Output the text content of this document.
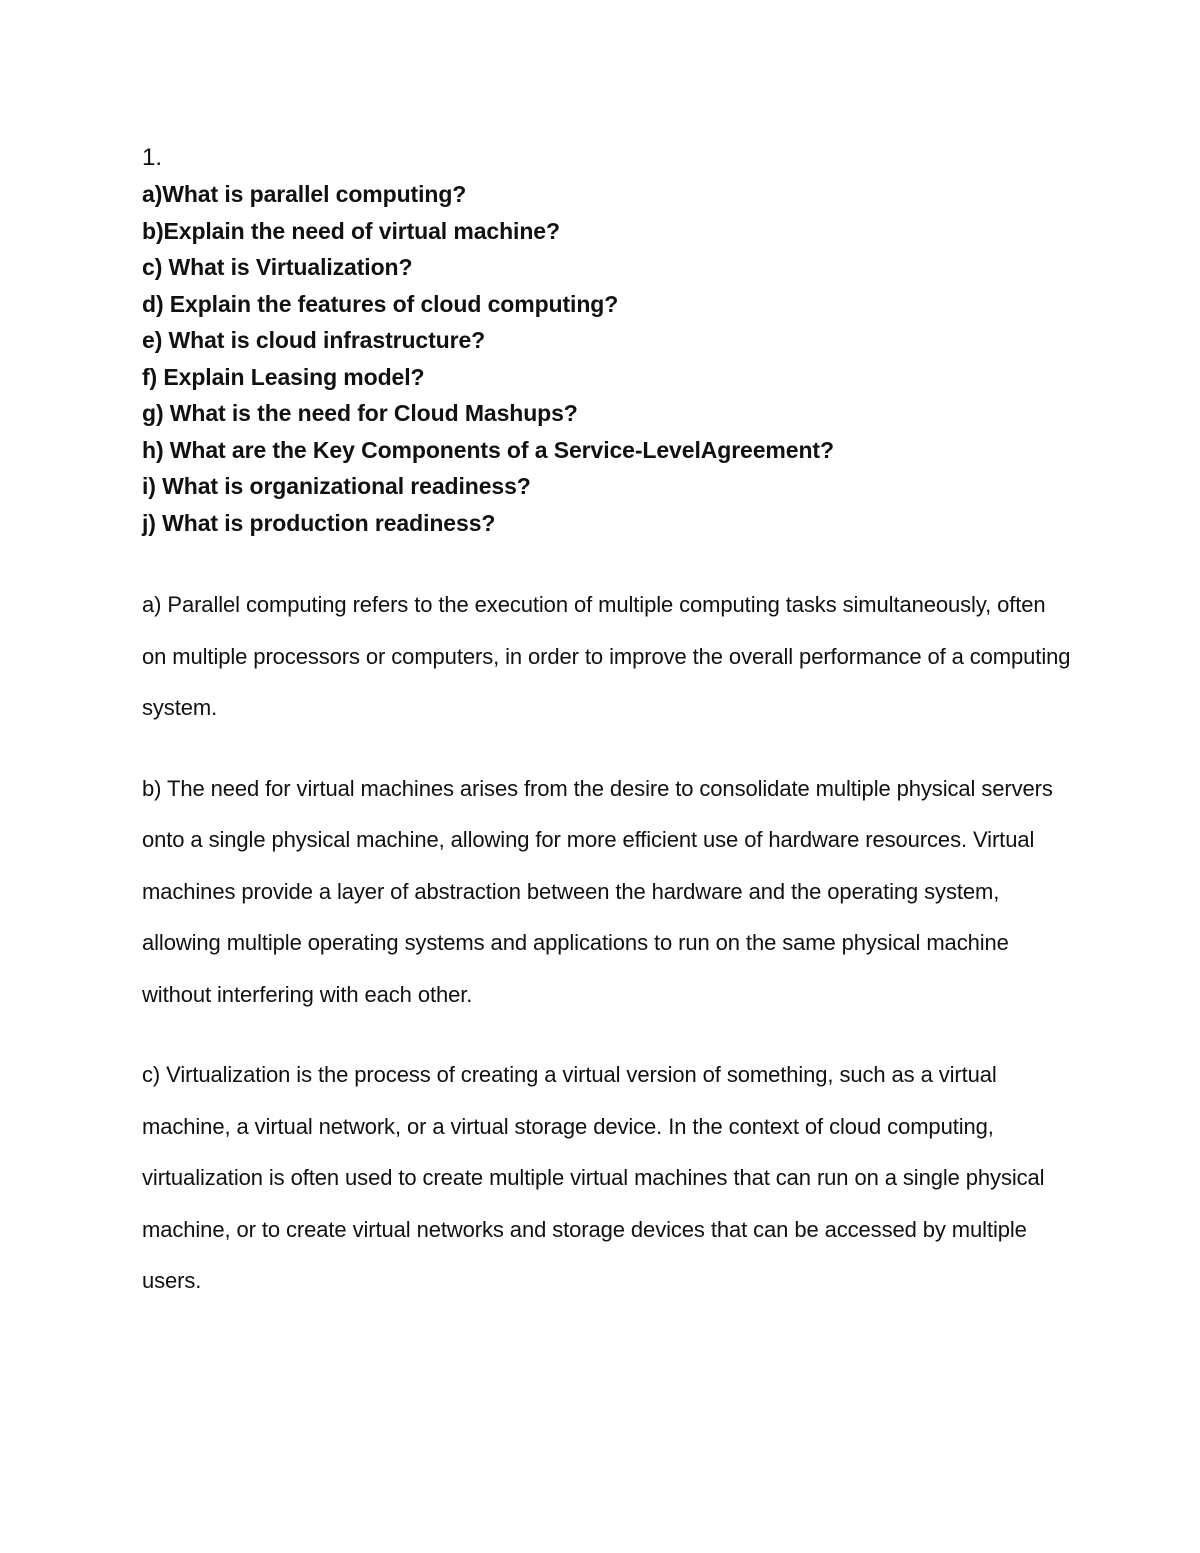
1.

a)What is parallel computing?
b)Explain the need of virtual machine?
c) What is Virtualization?
d) Explain the features of cloud computing?
e) What is cloud infrastructure?
f) Explain Leasing model?
g) What is the need for Cloud Mashups?
h) What are the Key Components of a Service-LevelAgreement?
i) What is organizational readiness?
j) What is production readiness?

a) Parallel computing refers to the execution of multiple computing tasks simultaneously, often on multiple processors or computers, in order to improve the overall performance of a computing system.

b) The need for virtual machines arises from the desire to consolidate multiple physical servers onto a single physical machine, allowing for more efficient use of hardware resources. Virtual machines provide a layer of abstraction between the hardware and the operating system, allowing multiple operating systems and applications to run on the same physical machine without interfering with each other.

c) Virtualization is the process of creating a virtual version of something, such as a virtual machine, a virtual network, or a virtual storage device. In the context of cloud computing, virtualization is often used to create multiple virtual machines that can run on a single physical machine, or to create virtual networks and storage devices that can be accessed by multiple users.
